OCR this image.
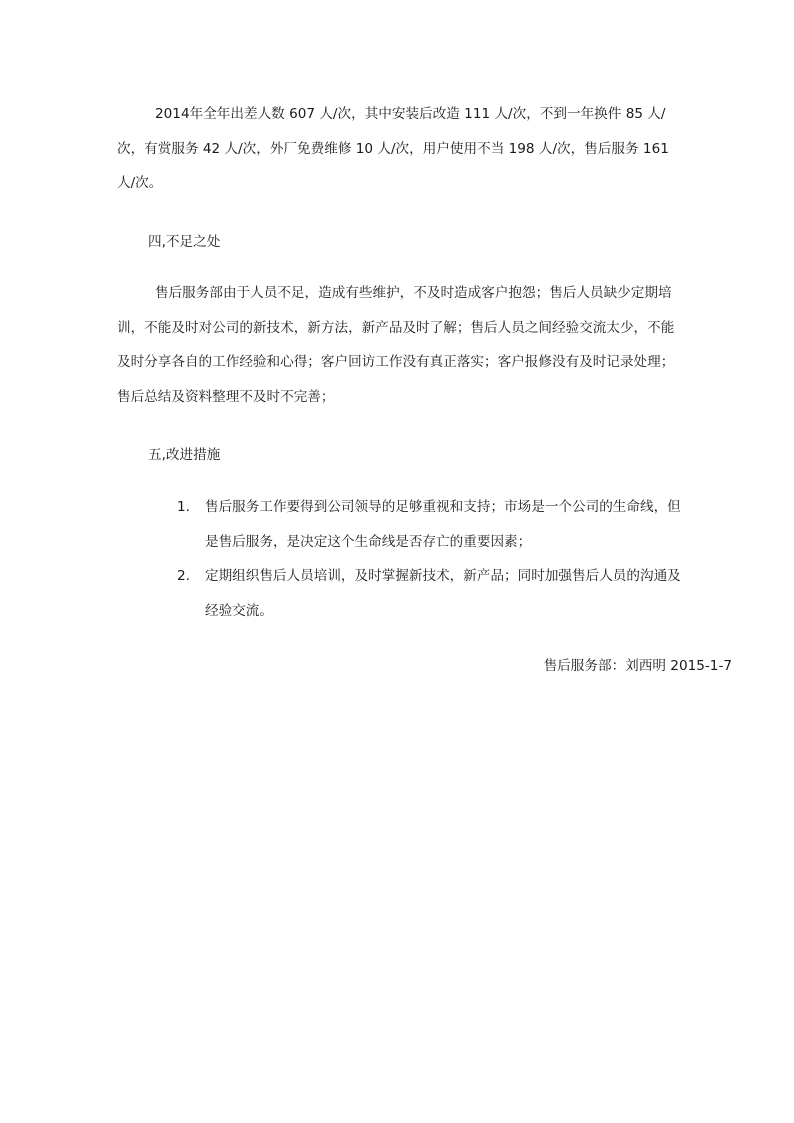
2014年全年出差人数 607 人/次，其中安装后改造 111 人/次，不到一年换件 85 人/次，有赏服务 42 人/次，外厂免费维修 10 人/次，用户使用不当 198 人/次，售后服务 161 人/次。

四,不足之处

售后服务部由于人员不足，造成有些维护，不及时造成客户抱怨；售后人员缺少定期培训，不能及时对公司的新技术，新方法，新产品及时了解；售后人员之间经验交流太少，不能及时分享各自的工作经验和心得；客户回访工作没有真正落实；客户报修没有及时记录处理；售后总结及资料整理不及时不完善；

五,改进措施

1. 售后服务工作要得到公司领导的足够重视和支持；市场是一个公司的生命线，但是售后服务，是决定这个生命线是否存亡的重要因素；
2. 定期组织售后人员培训，及时掌握新技术，新产品；同时加强售后人员的沟通及经验交流。

售后服务部：刘西明 2015-1-7
